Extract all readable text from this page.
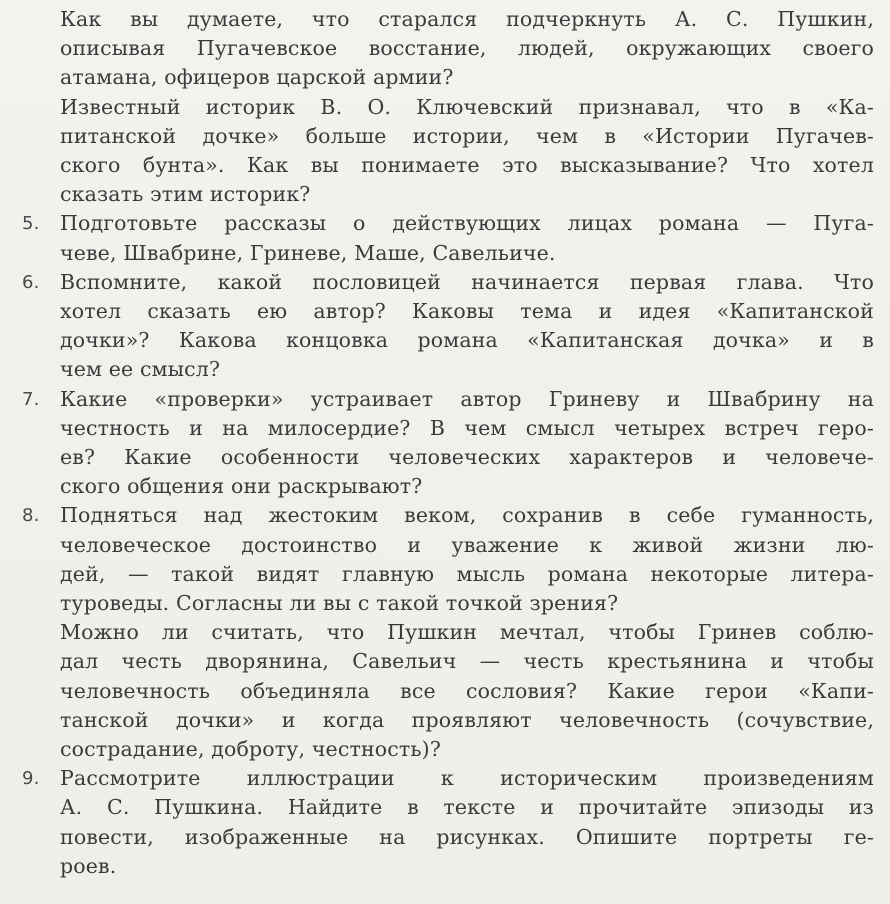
Как вы думаете, что старался подчеркнуть А. С. Пушкин,
описывая Пугачевское восстание, людей, окружающих своего
атамана, офицеров царской армии?
Известный историк В. О. Ключевский признавал, что в «Ка-
питанской дочке» больше истории, чем в «Истории Пугачев-
ского бунта». Как вы понимаете это высказывание? Что хотел
сказать этим историк?
5.	Подготовьте рассказы о действующих лицах романа — Пуга-
чеве, Швабрине, Гриневе, Маше, Савельиче.
6.	Вспомните, какой пословицей начинается первая глава. Что
хотел сказать ею автор? Каковы тема и идея «Капитанской
дочки»? Какова концовка романа «Капитанская дочка» и в
чем ее смысл?
7.	Какие «проверки» устраивает автор Гриневу и Швабрину на
честность и на милосердие? В чем смысл четырех встреч геро-
ев? Какие особенности человеческих характеров и человече-
ского общения они раскрывают?
8.	Подняться над жестоким веком, сохранив в себе гуманность,
человеческое достоинство и уважение к живой жизни лю-
дей, — такой видят главную мысль романа некоторые литера-
туроведы. Согласны ли вы с такой точкой зрения?
Можно ли считать, что Пушкин мечтал, чтобы Гринев соблю-
дал честь дворянина, Савельич — честь крестьянина и чтобы
человечность объединяла все сословия? Какие герои «Капи-
танской дочки» и когда проявляют человечность (сочувствие,
сострадание, доброту, честность)?
9.	Рассмотрите иллюстрации к историческим произведениям
А. С. Пушкина. Найдите в тексте и прочитайте эпизоды из
повести, изображенные на рисунках. Опишите портреты ге-
роев.
